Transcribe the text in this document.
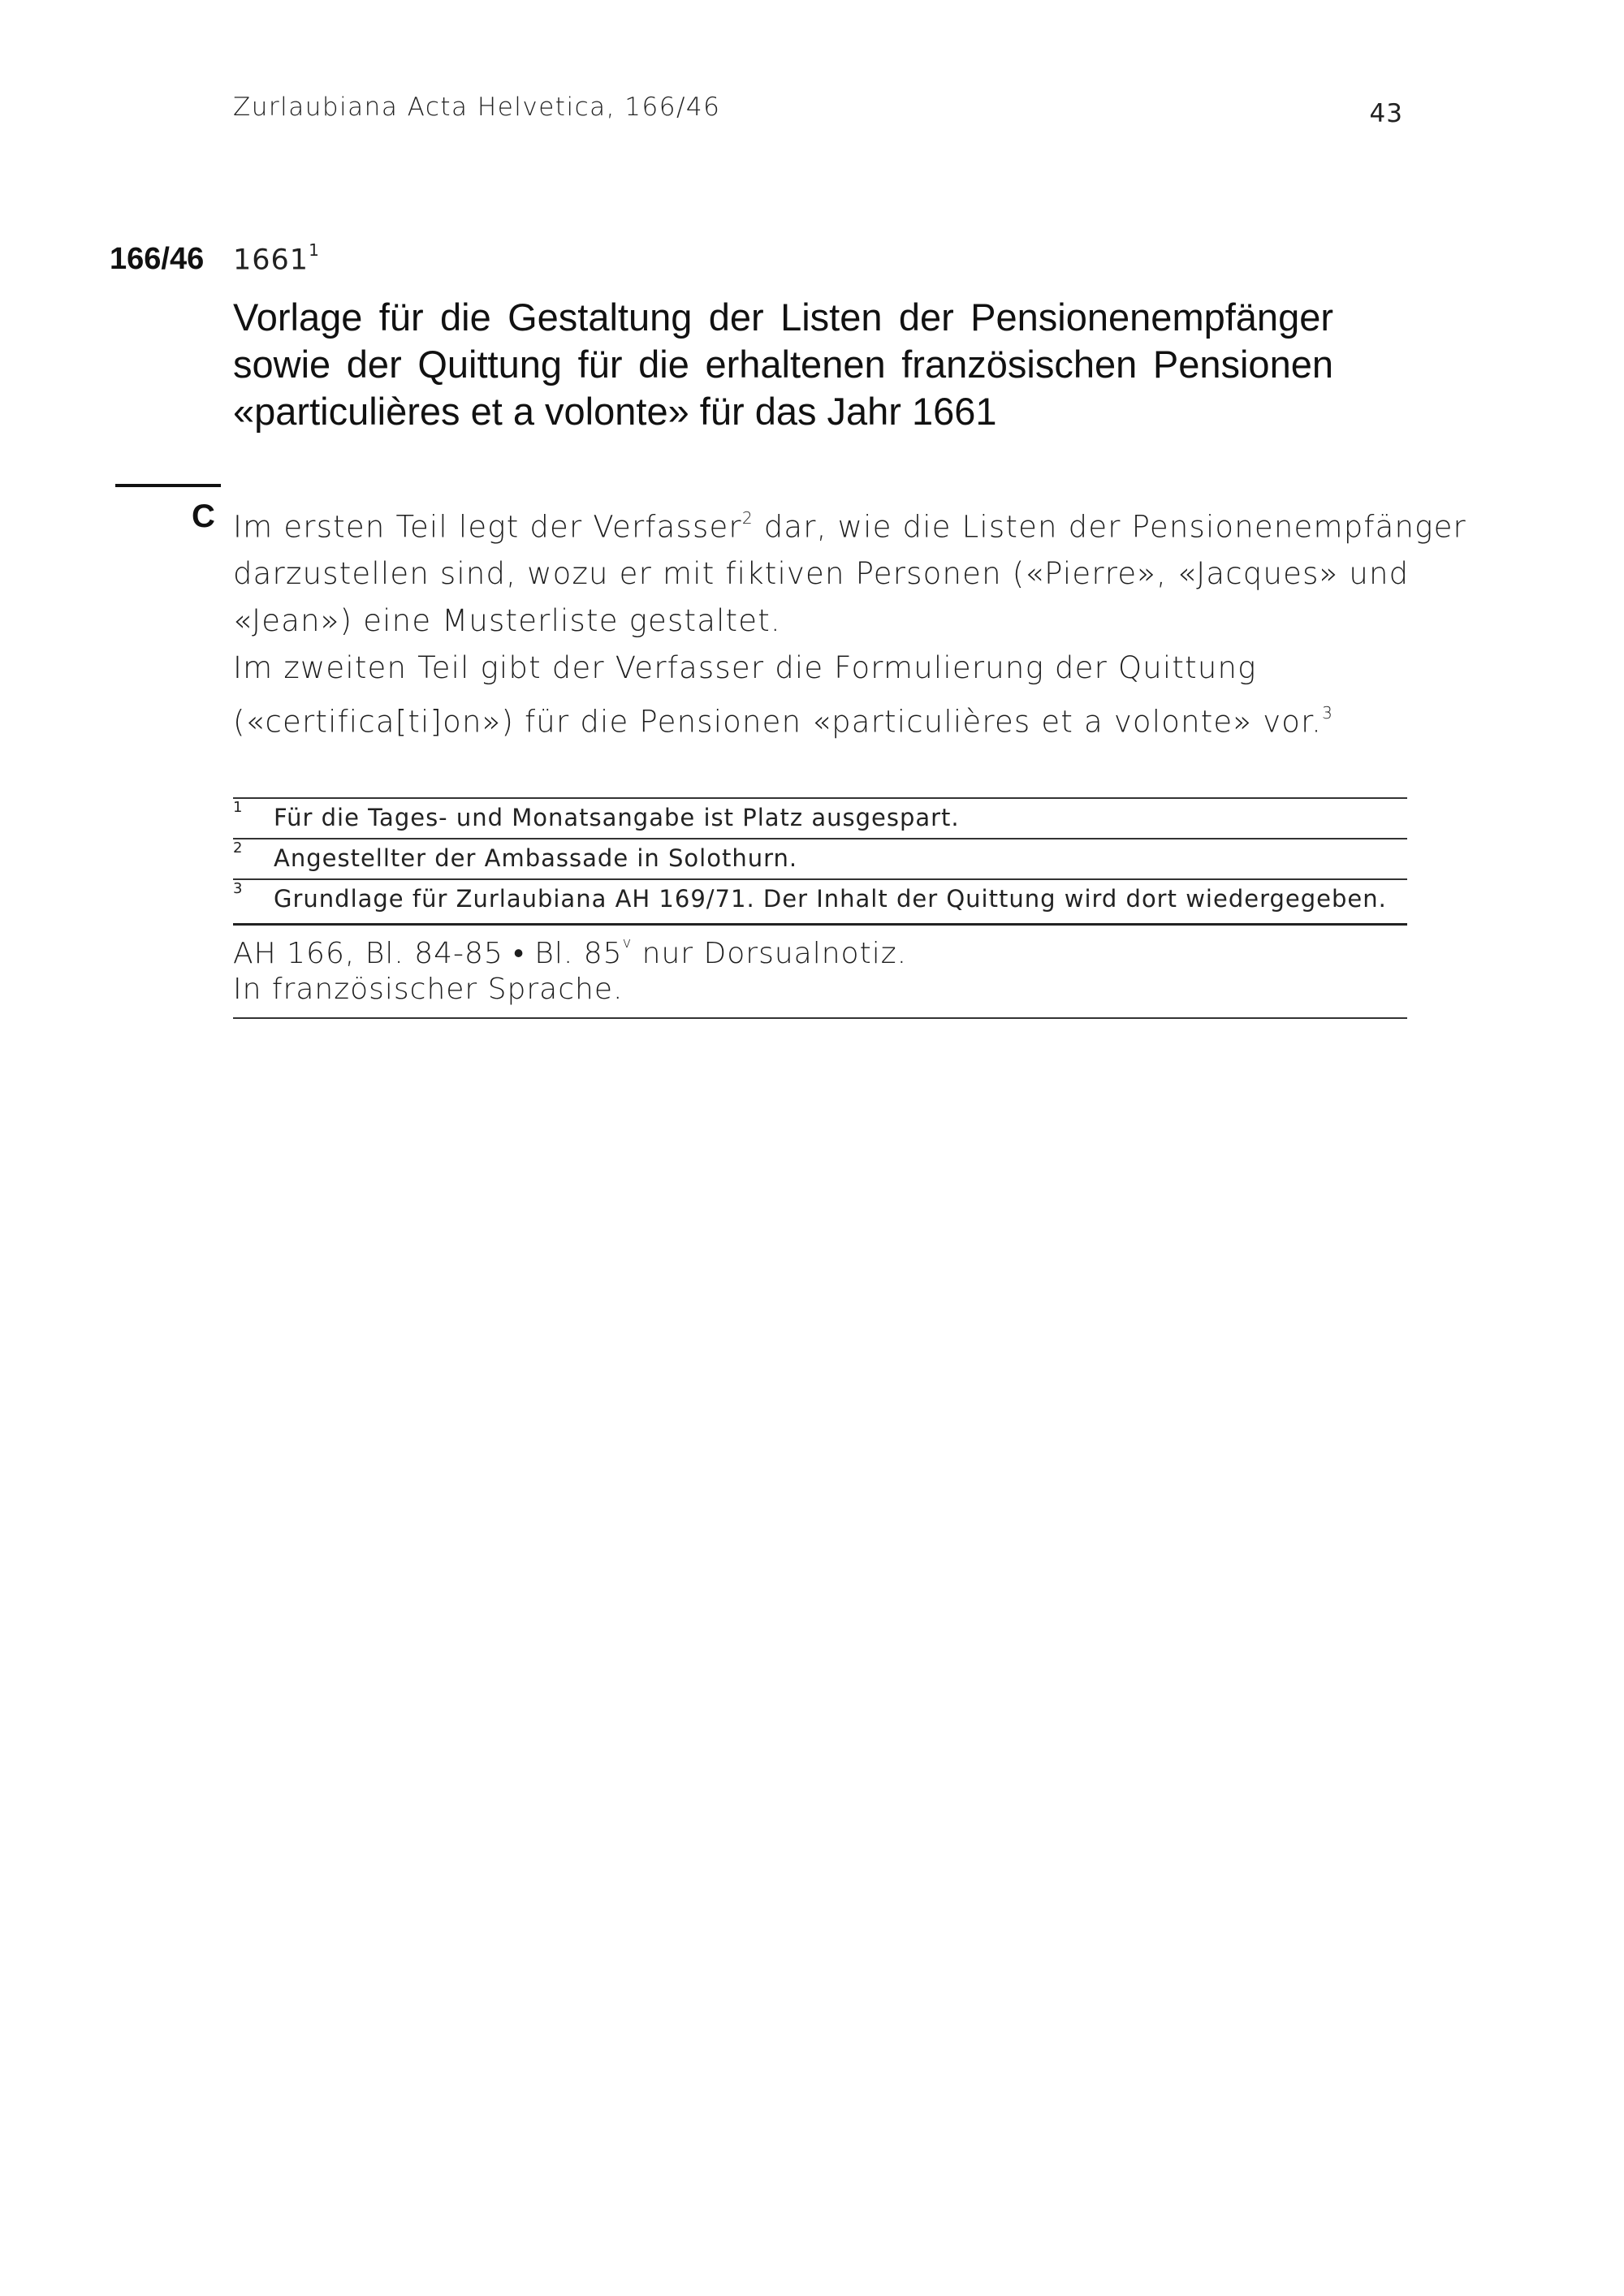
Zurlaubiana Acta Helvetica, 166/46	43
166/46 1661$^1$
Vorlage für die Gestaltung der Listen der Pensionenempfänger
sowie der Quittung für die erhaltenen französischen Pensionen
«particulières et a volonte» für das Jahr 1661
C Im ersten Teil legt der Verfasser$^2$ dar, wie die Listen der Pensionenempfänger
darzustellen sind, wozu er mit fiktiven Personen («Pierre», «Jacques» und
«Jean») eine Musterliste gestaltet.
Im zweiten Teil gibt der Verfasser die Formulierung der Quittung
(«certifica[ti]on») für die Pensionen «particulières et a volonte» vor.$^3$
1 Für die Tages- und Monatsangabe ist Platz ausgespart.
2 Angestellter der Ambassade in Solothurn.
3 Grundlage für Zurlaubiana AH 169/71. Der Inhalt der Quittung wird dort wiedergegeben.
AH 166, Bl. 84-85 • Bl. 85$^v$ nur Dorsualnotiz.
In französischer Sprache.
